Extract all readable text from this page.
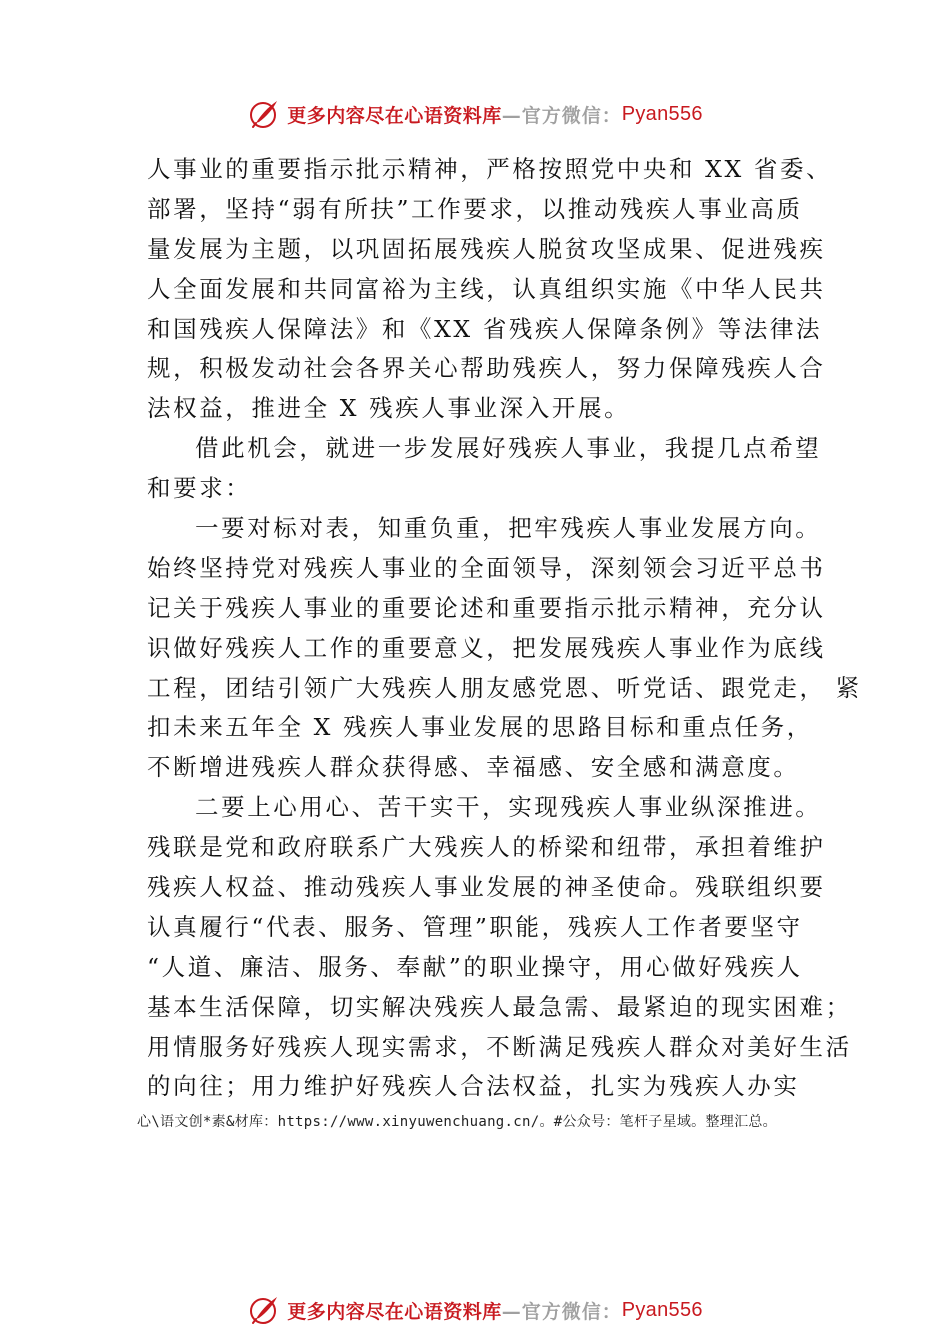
更多内容尽在心语资料库 —官方微信： Pyan556
人事业的重要指示批示精神，严格按照党中央和 XX 省委、
部署，坚持“弱有所扶”工作要求，以推动残疾人事业高质
量发展为主题，以巩固拓展残疾人脱贫攻坚成果、促进残疾
人全面发展和共同富裕为主线，认真组织实施《中华人民共
和国残疾人保障法》和《XX 省残疾人保障条例》等法律法
规，积极发动社会各界关心帮助残疾人，努力保障残疾人合
法权益，推进全 X 残疾人事业深入开展。
借此机会，就进一步发展好残疾人事业，我提几点希望
和要求：
一要对标对表，知重负重，把牢残疾人事业发展方向。
始终坚持党对残疾人事业的全面领导，深刻领会习近平总书
记关于残疾人事业的重要论述和重要指示批示精神，充分认
识做好残疾人工作的重要意义，把发展残疾人事业作为底线
工程，团结引领广大残疾人朋友感党恩、听党话、跟党走， 紧
扣未来五年全 X 残疾人事业发展的思路目标和重点任务，
不断增进残疾人群众获得感、幸福感、安全感和满意度。
二要上心用心、苦干实干，实现残疾人事业纵深推进。
残联是党和政府联系广大残疾人的桥梁和纽带，承担着维护
残疾人权益、推动残疾人事业发展的神圣使命。残联组织要
认真履行“代表、服务、管理”职能，残疾人工作者要坚守
“人道、廉洁、服务、奉献”的职业操守，用心做好残疾人
基本生活保障，切实解决残疾人最急需、最紧迫的现实困难；
用情服务好残疾人现实需求，不断满足残疾人群众对美好生活
的向往；用力维护好残疾人合法权益，扎实为残疾人办实
心\语文创*素&材库：https://www.xinyuwenchuang.cn/。#公众号：笔杆子星域。整理汇总。
更多内容尽在心语资料库 —官方微信： Pyan556
